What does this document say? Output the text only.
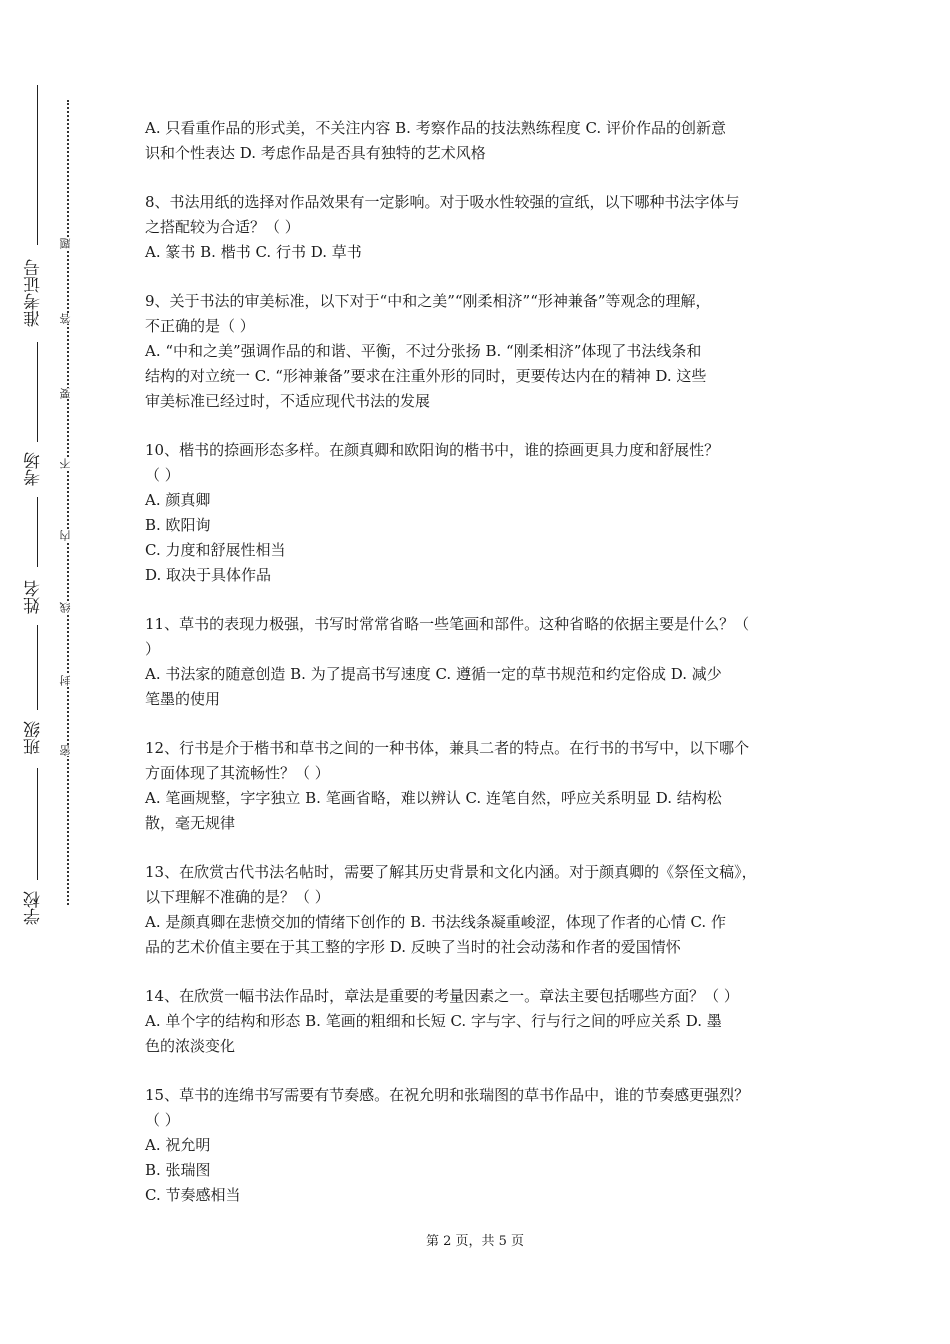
准考证号
考场
姓名
班级
学校
题
答
要
不
内
线
封
密
A. 只看重作品的形式美，不关注内容 B. 考察作品的技法熟练程度 C. 评价作品的创新意
识和个性表达 D. 考虑作品是否具有独特的艺术风格
8、书法用纸的选择对作品效果有一定影响。对于吸水性较强的宣纸，以下哪种书法字体与
之搭配较为合适？（ ）
A. 篆书 B. 楷书 C. 行书 D. 草书
9、关于书法的审美标准，以下对于“中和之美”“刚柔相济”“形神兼备”等观念的理解，
不正确的是（ ）
A. “中和之美”强调作品的和谐、平衡，不过分张扬 B. “刚柔相济”体现了书法线条和
结构的对立统一 C. “形神兼备”要求在注重外形的同时，更要传达内在的精神 D. 这些
审美标准已经过时，不适应现代书法的发展
10、楷书的捺画形态多样。在颜真卿和欧阳询的楷书中，谁的捺画更具力度和舒展性？
（ ）
A. 颜真卿
B. 欧阳询
C. 力度和舒展性相当
D. 取决于具体作品
11、草书的表现力极强，书写时常常省略一些笔画和部件。这种省略的依据主要是什么？（
）
A. 书法家的随意创造 B. 为了提高书写速度 C. 遵循一定的草书规范和约定俗成 D. 减少
笔墨的使用
12、行书是介于楷书和草书之间的一种书体，兼具二者的特点。在行书的书写中，以下哪个
方面体现了其流畅性？（ ）
A. 笔画规整，字字独立 B. 笔画省略，难以辨认 C. 连笔自然，呼应关系明显 D. 结构松
散，毫无规律
13、在欣赏古代书法名帖时，需要了解其历史背景和文化内涵。对于颜真卿的《祭侄文稿》，
以下理解不准确的是？（ ）
A. 是颜真卿在悲愤交加的情绪下创作的 B. 书法线条凝重峻涩，体现了作者的心情 C. 作
品的艺术价值主要在于其工整的字形 D. 反映了当时的社会动荡和作者的爱国情怀
14、在欣赏一幅书法作品时，章法是重要的考量因素之一。章法主要包括哪些方面？（ ）
A. 单个字的结构和形态 B. 笔画的粗细和长短 C. 字与字、行与行之间的呼应关系 D. 墨
色的浓淡变化
15、草书的连绵书写需要有节奏感。在祝允明和张瑞图的草书作品中，谁的节奏感更强烈？
（ ）
A. 祝允明
B. 张瑞图
C. 节奏感相当
第 2 页，共 5 页
